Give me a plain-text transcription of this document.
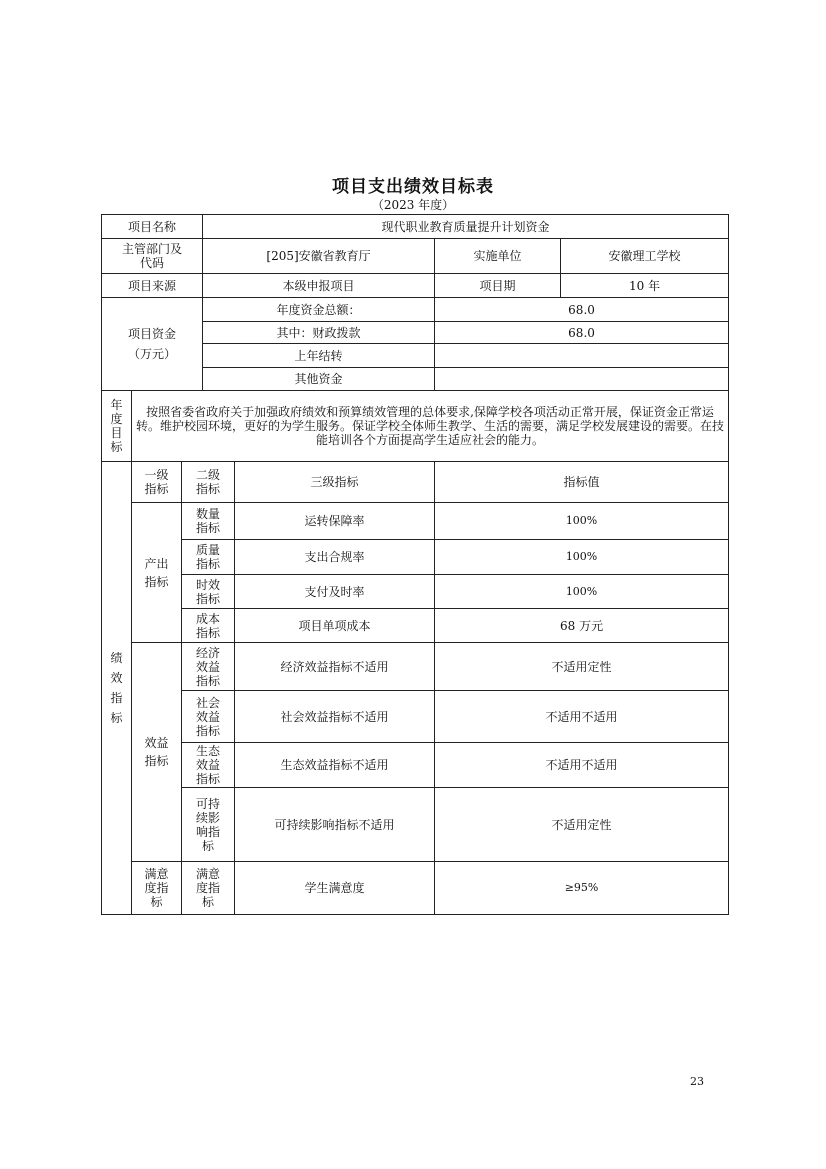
项目支出绩效目标表
（2023 年度）
项目名称			现代职业教育质量提升计划资金			

主管部门及代码			[205]安徽省教育厅		实施单位	安徽理工学校
项目来源			本级申报项目		项目期	10 年

项目资金（万元）			年度资金总额：		68.0	
			其中：财政拨款		68.0	
			上年结转			
			其他资金			

年度目标	按照省委省政府关于加强政府绩效和预算绩效管理的总体要求,保障学校各项活动正常开展，保证资金正常运转。维护校园环境，更好的为学生服务。保证学校全体师生教学、生活的需要，满足学校发展建设的需要。在技能培训各个方面提高学生适应社会的能力。					

绩效指标	一级指标	二级指标		三级指标	指标值	

	产出指标	数量指标		运转保障率	100%	

		质量指标		支出合规率	100%	

		时效指标		支付及时率	100%	

		成本指标		项目单项成本	68 万元	

	效益指标	经济效益指标		经济效益指标不适用	不适用定性	

		社会效益指标		社会效益指标不适用	不适用不适用	

		生态效益指标		生态效益指标不适用	不适用不适用	

		可持续影响指标		可持续影响指标不适用	不适用定性	

	满意度指标	满意度指标		学生满意度	≥95%	
23
